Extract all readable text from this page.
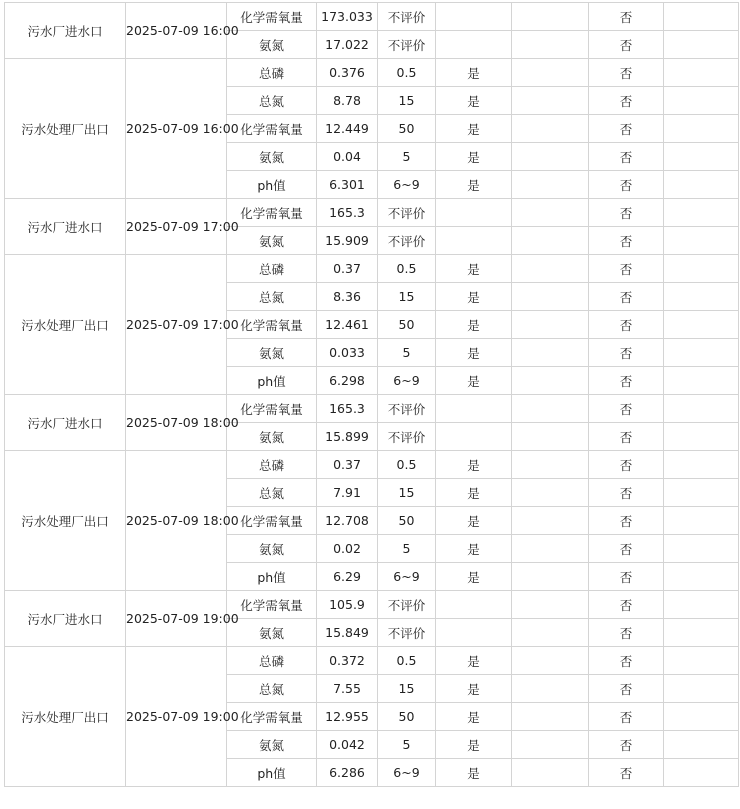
污水厂进水口	2025-07-09 16:00	化学需氧量	173.033	不评价			否	
		氨氮	17.022	不评价			否	
污水处理厂出口	2025-07-09 16:00	总磷	0.376	0.5	是		否	
		总氮	8.78	15	是		否	
		化学需氧量	12.449	50	是		否	
		氨氮	0.04	5	是		否	
		ph值	6.301	6~9	是		否	
污水厂进水口	2025-07-09 17:00	化学需氧量	165.3	不评价			否	
		氨氮	15.909	不评价			否	
污水处理厂出口	2025-07-09 17:00	总磷	0.37	0.5	是		否	
		总氮	8.36	15	是		否	
		化学需氧量	12.461	50	是		否	
		氨氮	0.033	5	是		否	
		ph值	6.298	6~9	是		否	
污水厂进水口	2025-07-09 18:00	化学需氧量	165.3	不评价			否	
		氨氮	15.899	不评价			否	
污水处理厂出口	2025-07-09 18:00	总磷	0.37	0.5	是		否	
		总氮	7.91	15	是		否	
		化学需氧量	12.708	50	是		否	
		氨氮	0.02	5	是		否	
		ph值	6.29	6~9	是		否	
污水厂进水口	2025-07-09 19:00	化学需氧量	105.9	不评价			否	
		氨氮	15.849	不评价			否	
污水处理厂出口	2025-07-09 19:00	总磷	0.372	0.5	是		否	
		总氮	7.55	15	是		否	
		化学需氧量	12.955	50	是		否	
		氨氮	0.042	5	是		否	
		ph值	6.286	6~9	是		否	
